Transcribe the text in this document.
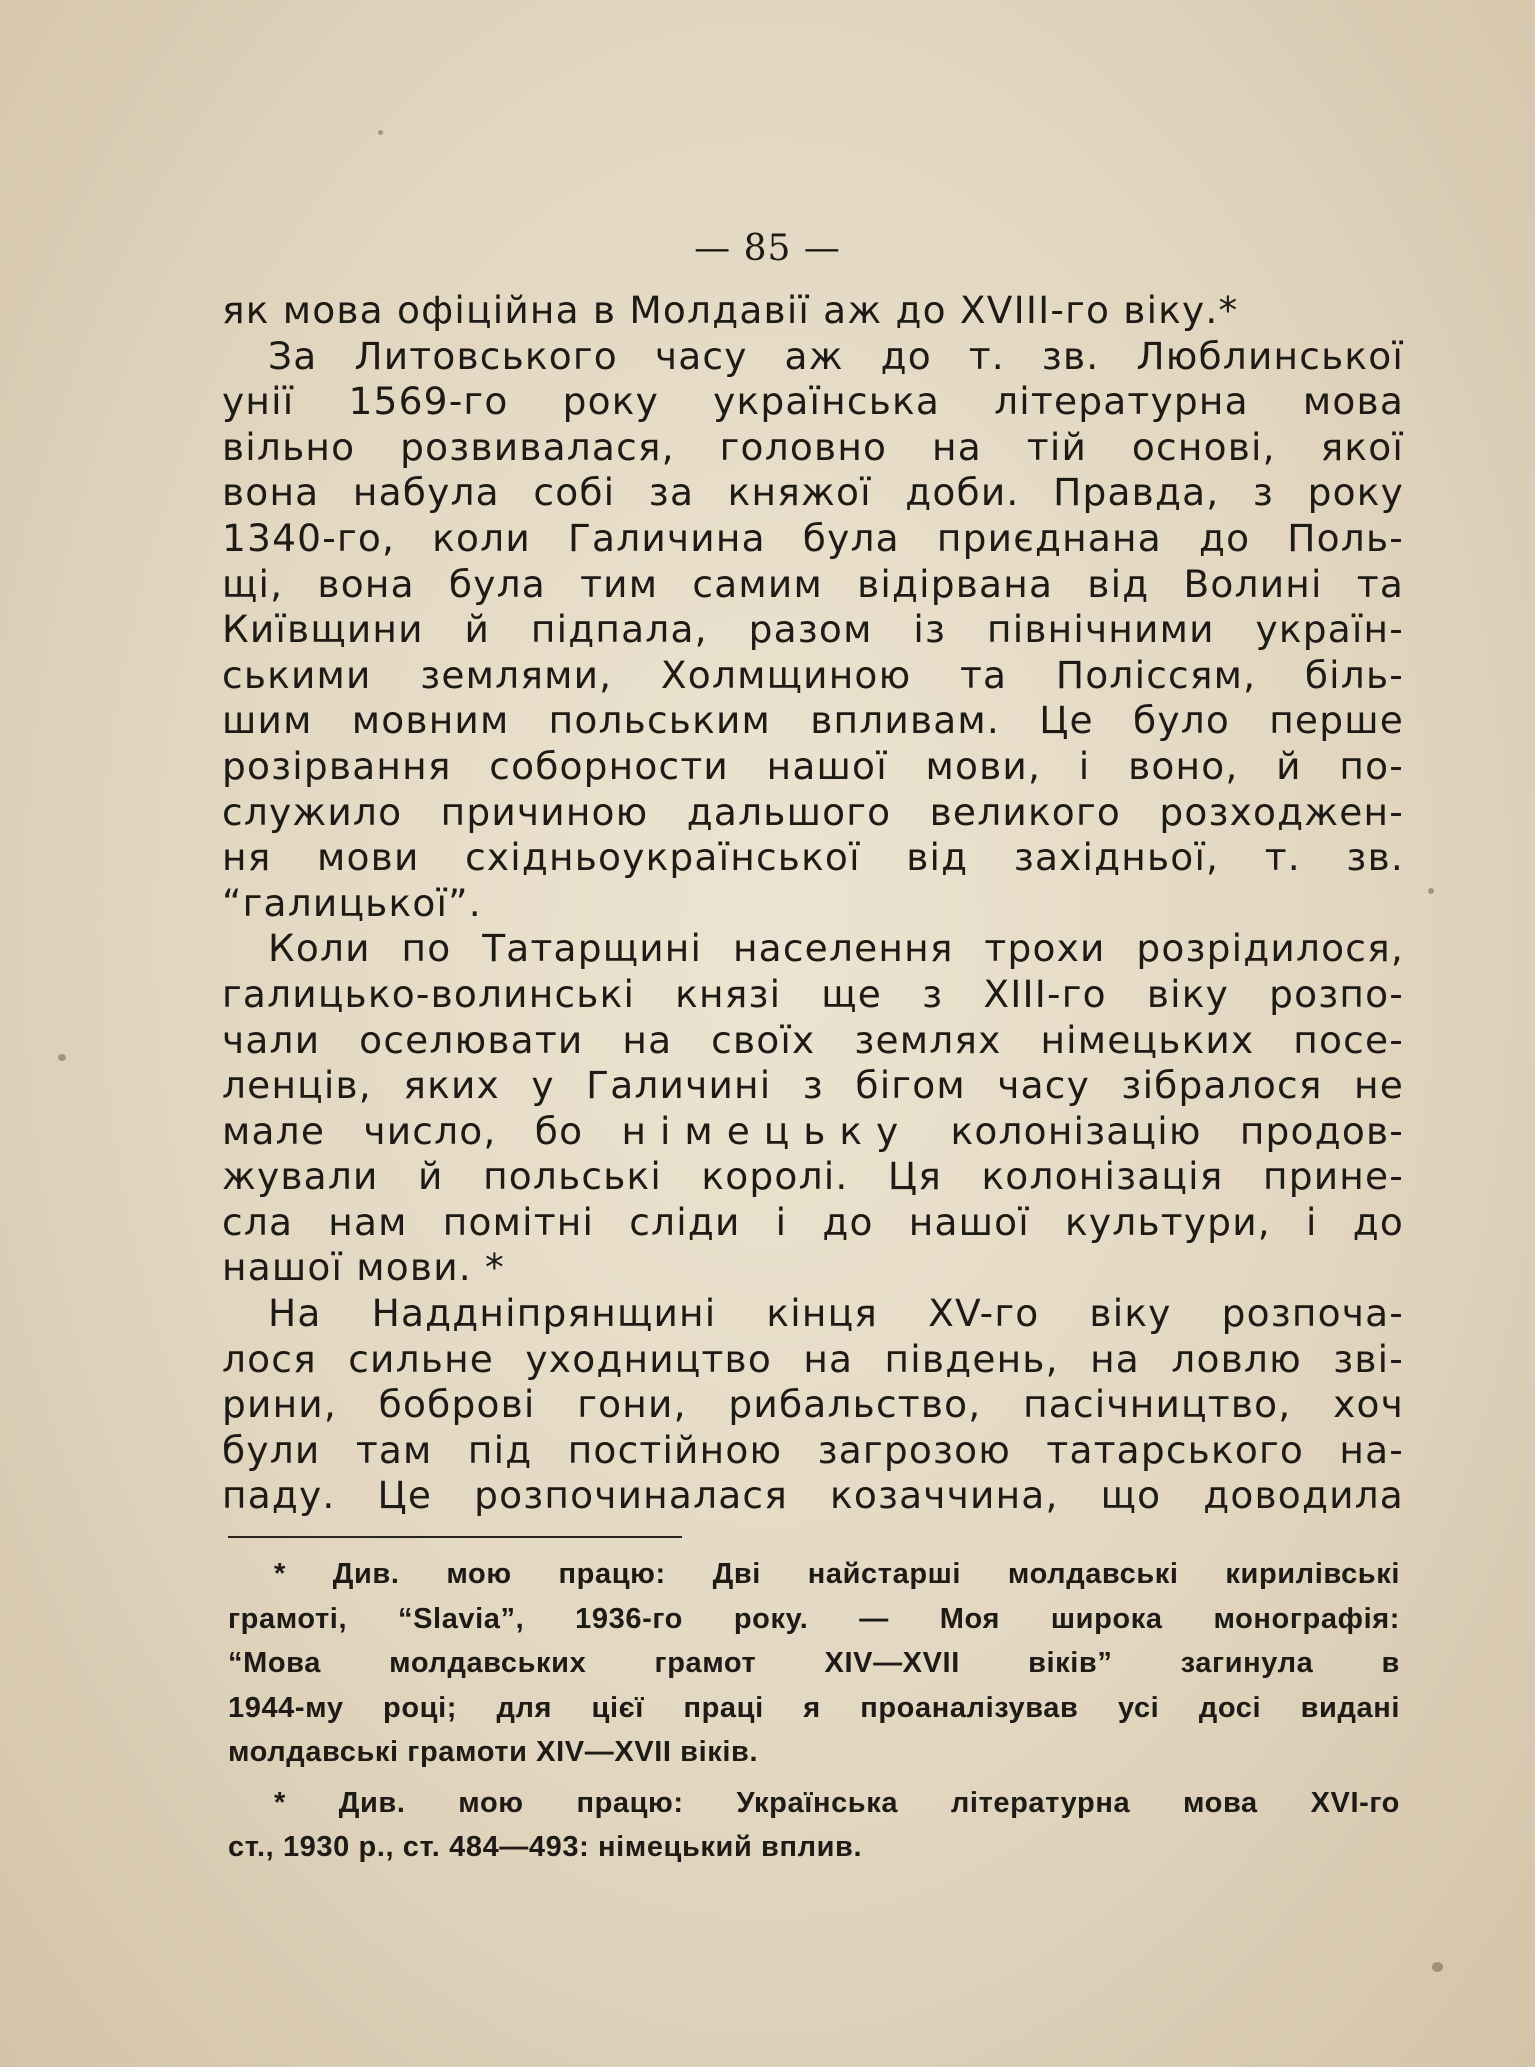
— 85 —
як мова офіційна в Молдавії аж до XVIII-го віку.*
За Литовського часу аж до т. зв. Люблинської
унії 1569-го року українська літературна мова
вільно розвивалася, головно на тій основі, якої
вона набула собі за княжої доби. Правда, з року
1340-го, коли Галичина була приєднана до Поль-
щі, вона була тим самим відірвана від Волині та
Київщини й підпала, разом із північними україн-
ськими землями, Холмщиною та Поліссям, біль-
шим мовним польським впливам. Це було перше
розірвання соборности нашої мови, і воно, й по-
служило причиною дальшого великого розходжен-
ня мови східньоукраїнської від західньої, т. зв.
“галицької”.
Коли по Татарщині населення трохи розрідилося,
галицько-волинські князі ще з XIII-го віку розпо-
чали оселювати на своїх землях німецьких посе-
ленців, яких у Галичині з бігом часу зібралося не
мале число, бо німецьку колонізацію продов-
жували й польські королі. Ця колонізація прине-
сла нам помітні сліди і до нашої культури, і до
нашої мови. *
На Наддніпрянщині кінця XV-го віку розпоча-
лося сильне уходництво на південь, на ловлю зві-
рини, боброві гони, рибальство, пасічництво, хоч
були там під постійною загрозою татарського на-
паду. Це розпочиналася козаччина, що доводила
* Див. мою працю: Дві найстарші молдавські кирилівські
грамоті, “Slavia”, 1936-го року. — Моя широка монографія:
“Мова молдавських грамот XIV—XVII віків” загинула в
1944-му році; для цієї праці я проаналізував усі досі видані
молдавські грамоти XIV—XVII віків.
* Див. мою працю: Українська літературна мова XVI-го
ст., 1930 р., ст. 484—493: німецький вплив.
